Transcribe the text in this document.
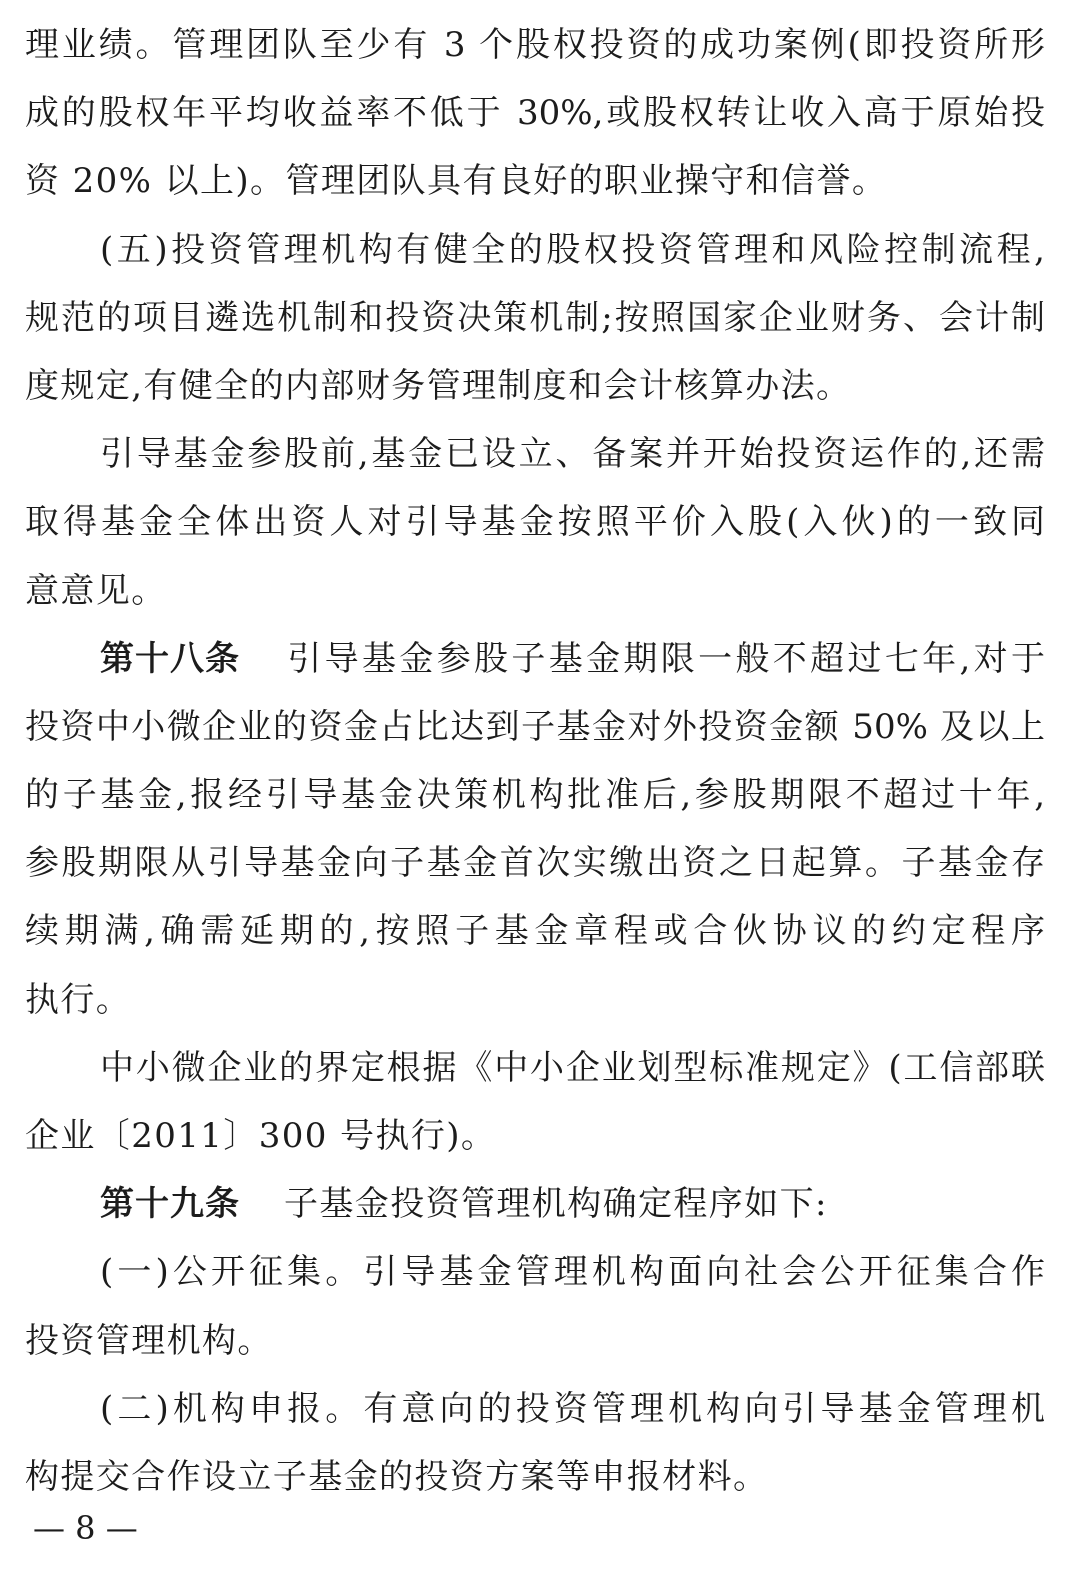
理业绩。管理团队至少有 3 个股权投资的成功案例(即投资所形
成的股权年平均收益率不低于 30%,或股权转让收入高于原始投
资 20% 以上)。管理团队具有良好的职业操守和信誉。
(五)投资管理机构有健全的股权投资管理和风险控制流程,
规范的项目遴选机制和投资决策机制;按照国家企业财务、会计制
度规定,有健全的内部财务管理制度和会计核算办法。
引导基金参股前,基金已设立、备案并开始投资运作的,还需
取得基金全体出资人对引导基金按照平价入股(入伙)的一致同
意意见。
第十八条 引导基金参股子基金期限一般不超过七年,对于
投资中小微企业的资金占比达到子基金对外投资金额 50% 及以上
的子基金,报经引导基金决策机构批准后,参股期限不超过十年,
参股期限从引导基金向子基金首次实缴出资之日起算。子基金存
续期满,确需延期的,按照子基金章程或合伙协议的约定程序
执行。
中小微企业的界定根据《中小企业划型标准规定》(工信部联
企业〔2011〕300 号执行)。
第十九条 子基金投资管理机构确定程序如下:
(一)公开征集。引导基金管理机构面向社会公开征集合作
投资管理机构。
(二)机构申报。有意向的投资管理机构向引导基金管理机
构提交合作设立子基金的投资方案等申报材料。
— 8 —
